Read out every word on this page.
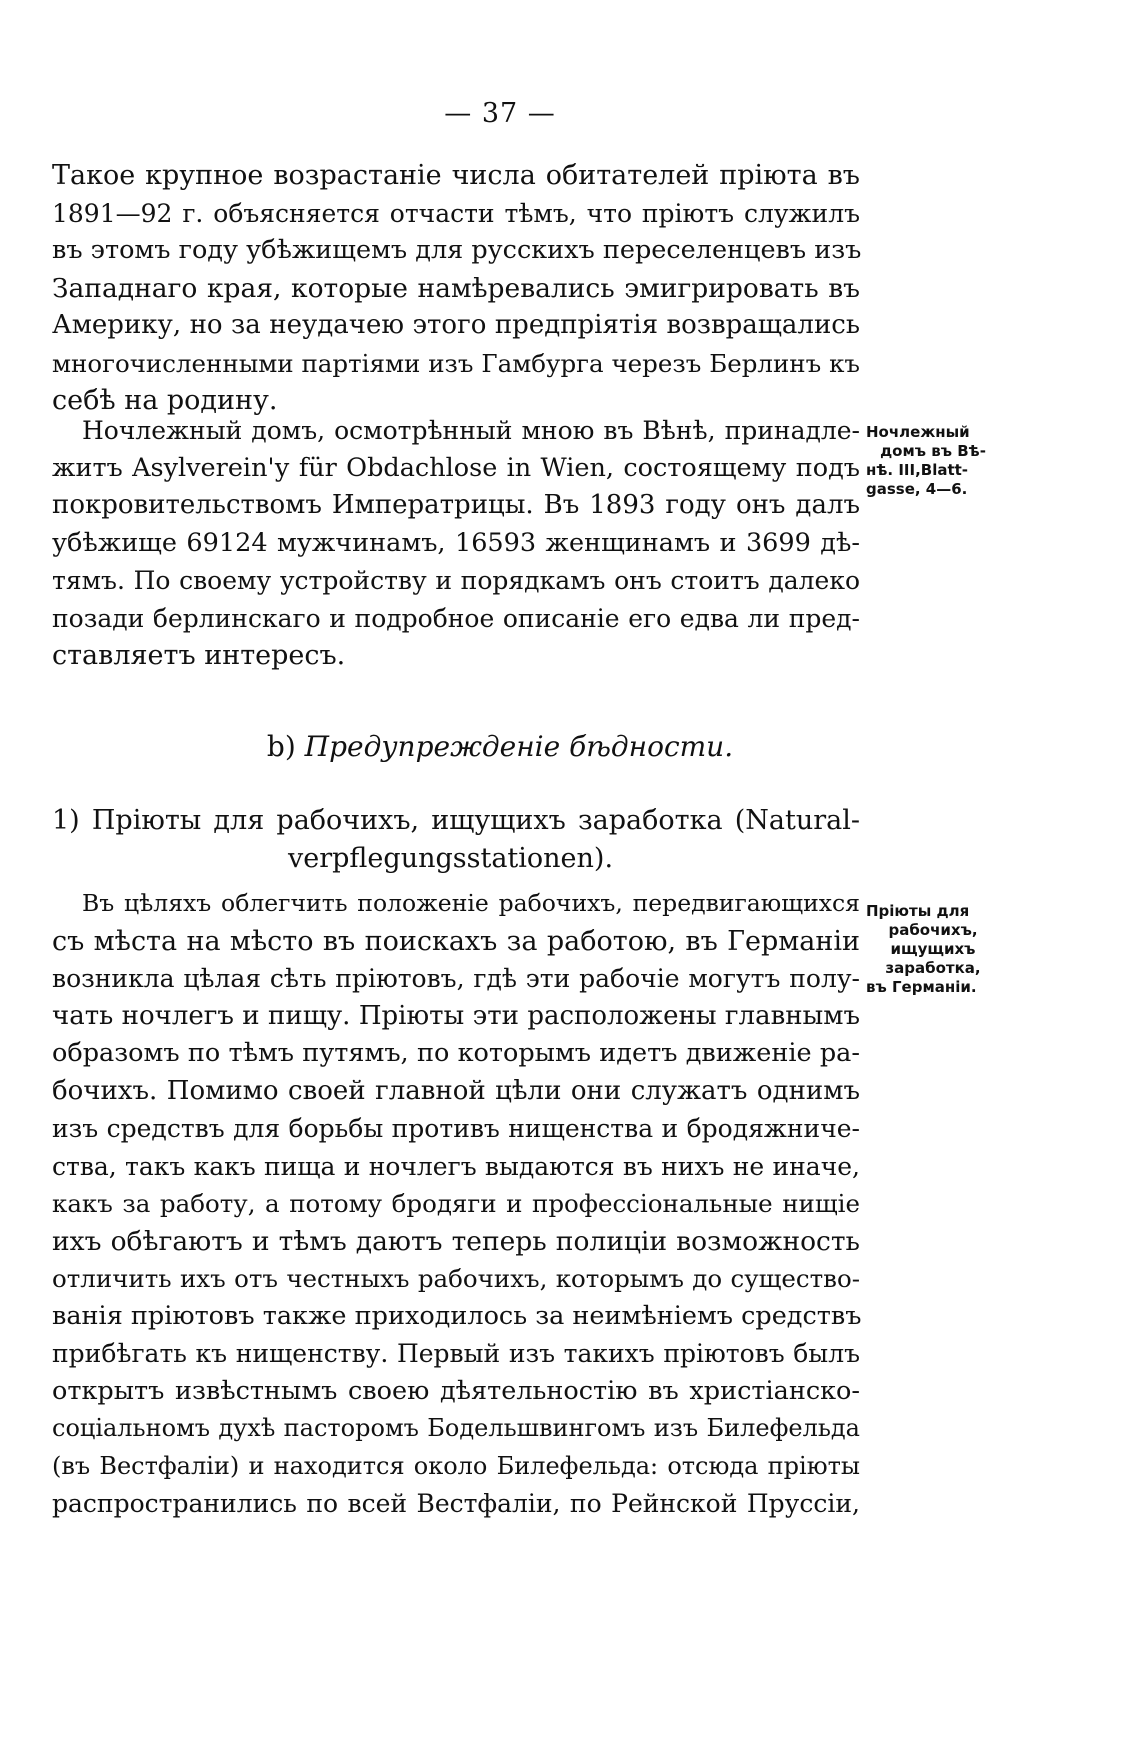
— 37 —
Такое крупное возрастаніе числа обитателей пріюта въ
1891—92 г. объясняется отчасти тѣмъ, что пріютъ служилъ
въ этомъ году убѣжищемъ для русскихъ переселенцевъ изъ
Западнаго края, которые намѣревались эмигрировать въ
Америку, но за неудачею этого предпріятія возвращались
многочисленными партіями изъ Гамбурга черезъ Берлинъ къ
себѣ на родину.
Ночлежный домъ, осмотрѣнный мною въ Вѣнѣ, принадле-
житъ Asylverein'у für Obdachlose in Wien, состоящему подъ
покровительствомъ Императрицы. Въ 1893 году онъ далъ
убѣжище 69124 мужчинамъ, 16593 женщинамъ и 3699 дѣ-
тямъ. По своему устройству и порядкамъ онъ стоитъ далеко
позади берлинскаго и подробное описаніе его едва ли пред-
ставляетъ интересъ.
Ночлежный
домъ въ Вѣ-
нѣ. III,Blatt-
gasse, 4—6.
b) Предупрежденіе бѣдности.
1) Пріюты для рабочихъ, ищущихъ заработка (Natural-
verpflegungsstationen).
Въ цѣляхъ облегчить положеніе рабочихъ, передвигающихся
съ мѣста на мѣсто въ поискахъ за работою, въ Германіи
возникла цѣлая сѣть пріютовъ, гдѣ эти рабочіе могутъ полу-
чать ночлегъ и пищу. Пріюты эти расположены главнымъ
образомъ по тѣмъ путямъ, по которымъ идетъ движеніе ра-
бочихъ. Помимо своей главной цѣли они служатъ однимъ
изъ средствъ для борьбы противъ нищенства и бродяжниче-
ства, такъ какъ пища и ночлегъ выдаются въ нихъ не иначе,
какъ за работу, а потому бродяги и профессіональные нищіе
ихъ обѣгаютъ и тѣмъ даютъ теперь полиціи возможность
отличить ихъ отъ честныхъ рабочихъ, которымъ до существо-
ванія пріютовъ также приходилось за неимѣніемъ средствъ
прибѣгать къ нищенству. Первый изъ такихъ пріютовъ былъ
открытъ извѣстнымъ своею дѣятельностію въ христіанско-
соціальномъ духѣ пасторомъ Бодельшвингомъ изъ Билефельда
(въ Вестфаліи) и находится около Билефельда: отсюда пріюты
распространились по всей Вестфаліи, по Рейнской Пруссіи,
Пріюты для
рабочихъ,
ищущихъ
заработка,
въ Германіи.
